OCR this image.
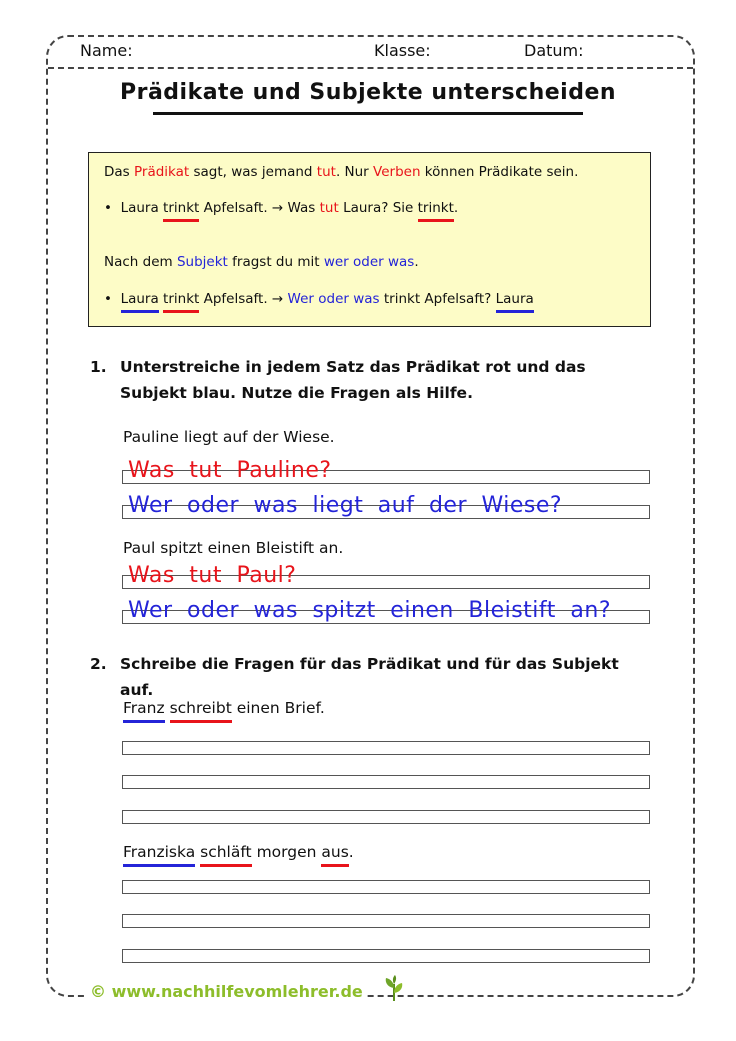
Name:	Klasse:	Datum:
Prädikate und Subjekte unterscheiden
Das Prädikat sagt, was jemand tut. Nur Verben können Prädikate sein.
• Laura trinkt Apfelsaft. → Was tut Laura? Sie trinkt.
Nach dem Subjekt fragst du mit wer oder was.
• Laura trinkt Apfelsaft. → Wer oder was trinkt Apfelsaft? Laura
1. Unterstreiche in jedem Satz das Prädikat rot und das Subjekt blau. Nutze die Fragen als Hilfe.
Pauline liegt auf der Wiese.
Was tut Pauline?
Wer oder was liegt auf der Wiese?
Paul spitzt einen Bleistift an.
Was tut Paul?
Wer oder was spitzt einen Bleistift an?
2. Schreibe die Fragen für das Prädikat und für das Subjekt auf.
Franz schreibt einen Brief.
Franziska schläft morgen aus.
© www.nachhilfevomlehrer.de
